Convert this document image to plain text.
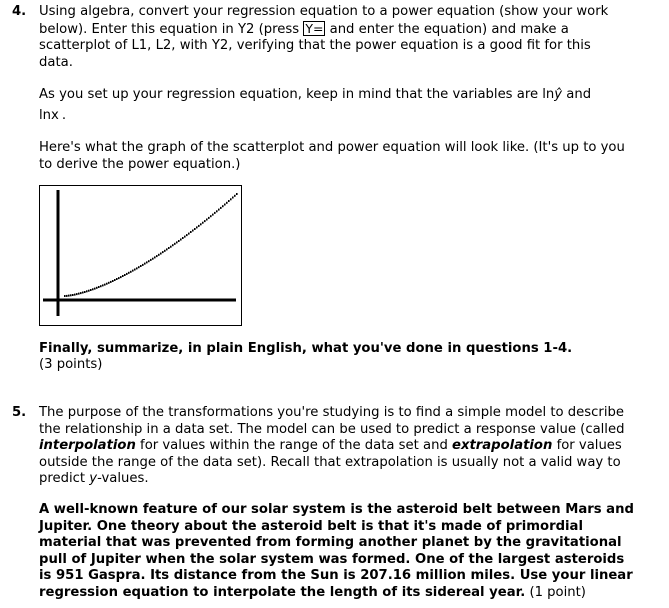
4. Using algebra, convert your regression equation to a power equation (show your work
below). Enter this equation in Y2 (press Y= and enter the equation) and make a
scatterplot of L1, L2, with Y2, verifying that the power equation is a good fit for this
data.
As you set up your regression equation, keep in mind that the variables are lnŷ and
lnx .
Here's what the graph of the scatterplot and power equation will look like. (It's up to you
to derive the power equation.)
Finally, summarize, in plain English, what you've done in questions 1-4.
(3 points)
5. The purpose of the transformations you're studying is to find a simple model to describe
the relationship in a data set. The model can be used to predict a response value (called
interpolation for values within the range of the data set and extrapolation for values
outside the range of the data set). Recall that extrapolation is usually not a valid way to
predict y-values.
A well-known feature of our solar system is the asteroid belt between Mars and
Jupiter. One theory about the asteroid belt is that it's made of primordial
material that was prevented from forming another planet by the gravitational
pull of Jupiter when the solar system was formed. One of the largest asteroids
is 951 Gaspra. Its distance from the Sun is 207.16 million miles. Use your linear
regression equation to interpolate the length of its sidereal year. (1 point)
